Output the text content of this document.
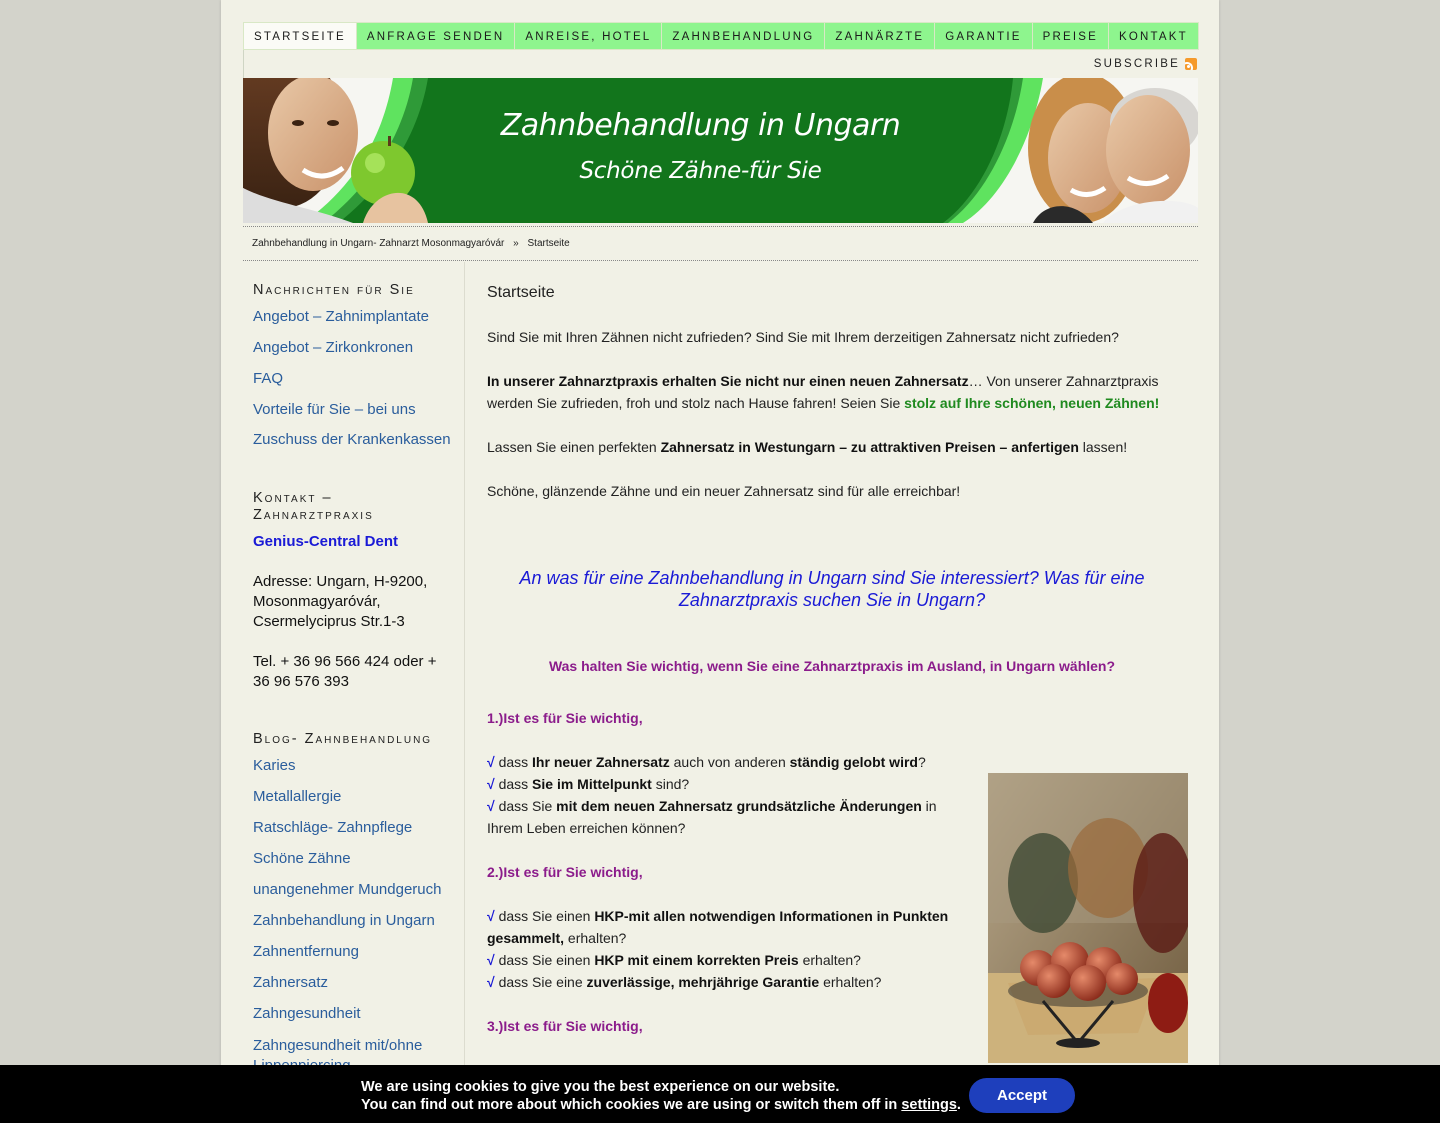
STARTSEITE	ANFRAGE SENDEN	ANREISE, HOTEL	ZAHNBEHANDLUNG	ZAHNÄRZTE	GARANTIE	PREISE	KONTAKT
SUBSCRIBE
Zahnbehandlung in Ungarn
Schöne Zähne-für Sie
Zahnbehandlung in Ungarn- Zahnarzt Mosonmagyaróvár » Startseite
Nachrichten für Sie
Angebot – Zahnimplantate
Angebot – Zirkonkronen
FAQ
Vorteile für Sie – bei uns
Zuschuss der Krankenkassen
Kontakt – Zahnarztpraxis
Genius-Central Dent
Adresse: Ungarn, H-9200, Mosonmagyaróvár, Csermelyciprus Str.1-3
Tel. + 36 96 566 424 oder + 36 96 576 393
Blog- Zahnbehandlung
Karies
Metallallergie
Ratschläge- Zahnpflege
Schöne Zähne
unangenehmer Mundgeruch
Zahnbehandlung in Ungarn
Zahnentfernung
Zahnersatz
Zahngesundheit
Zahngesundheit mit/ohne
Startseite
Sind Sie mit Ihren Zähnen nicht zufrieden? Sind Sie mit Ihrem derzeitigen Zahnersatz nicht zufrieden?
In unserer Zahnarztpraxis erhalten Sie nicht nur einen neuen Zahnersatz… Von unserer Zahnarztpraxis werden Sie zufrieden, froh und stolz nach Hause fahren! Seien Sie stolz auf Ihre schönen, neuen Zähnen!
Lassen Sie einen perfekten Zahnersatz in Westungarn – zu attraktiven Preisen – anfertigen lassen!
Schöne, glänzende Zähne und ein neuer Zahnersatz sind für alle erreichbar!
An was für eine Zahnbehandlung in Ungarn sind Sie interessiert? Was für eine Zahnarztpraxis suchen Sie in Ungarn?
Was halten Sie wichtig, wenn Sie eine Zahnarztpraxis im Ausland, in Ungarn wählen?
1.)Ist es für Sie wichtig,
√ dass Ihr neuer Zahnersatz auch von anderen ständig gelobt wird?
√ dass Sie im Mittelpunkt sind?
√ dass Sie mit dem neuen Zahnersatz grundsätzliche Änderungen in Ihrem Leben erreichen können?
2.)Ist es für Sie wichtig,
√ dass Sie einen HKP-mit allen notwendigen Informationen in Punkten gesammelt, erhalten?
√ dass Sie einen HKP mit einem korrekten Preis erhalten?
√ dass Sie eine zuverlässige, mehrjährige Garantie erhalten?
3.)Ist es für Sie wichtig,
We are using cookies to give you the best experience on our website.
You can find out more about which cookies we are using or switch them off in settings.
Accept
